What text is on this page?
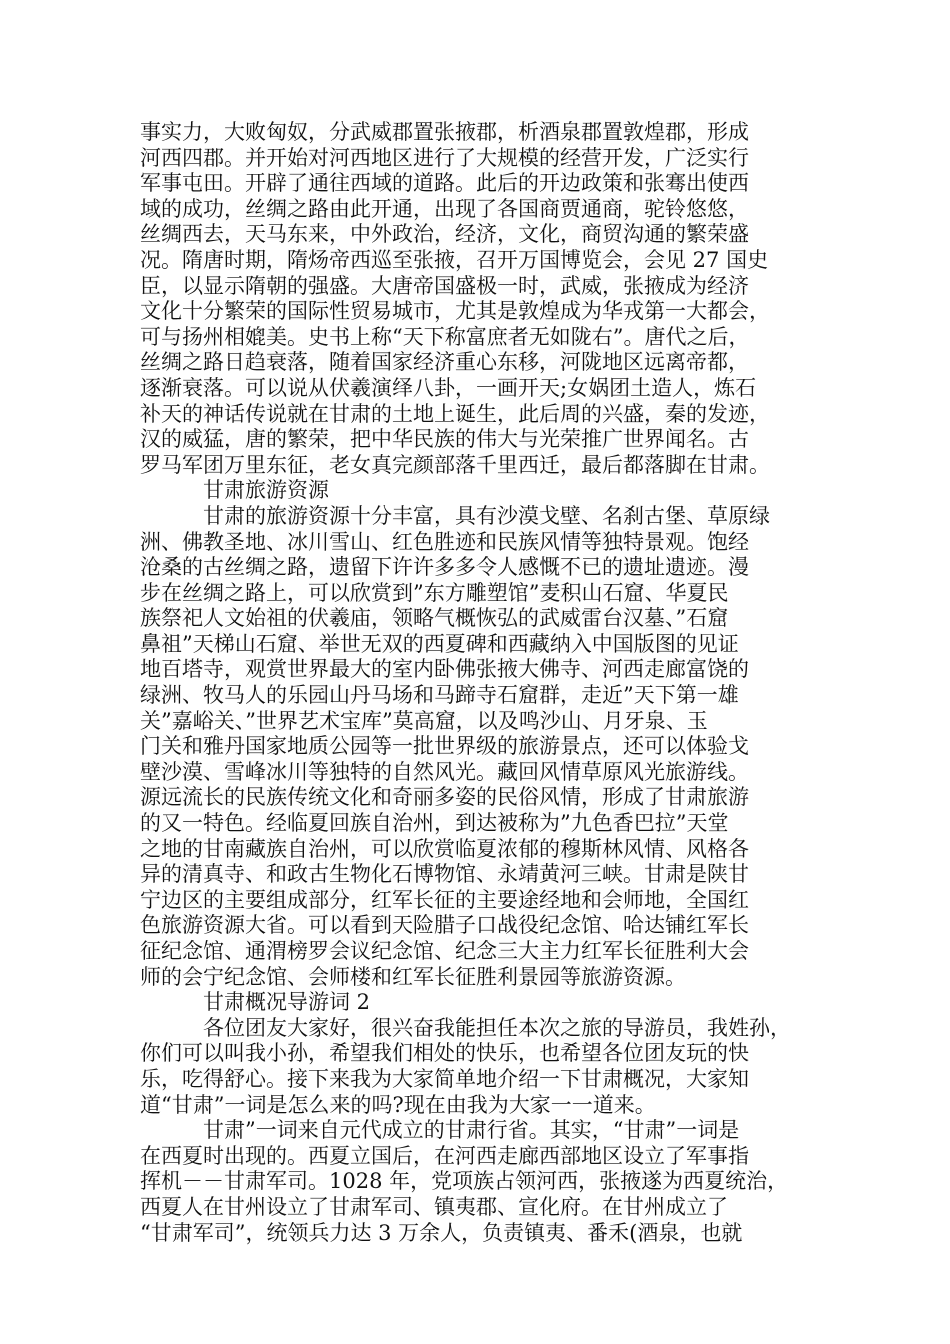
事实力，大败匈奴，分武威郡置张掖郡，析酒泉郡置敦煌郡，形成
河西四郡。并开始对河西地区进行了大规模的经营开发，广泛实行
军事屯田。开辟了通往西域的道路。此后的开边政策和张骞出使西
域的成功，丝绸之路由此开通，出现了各国商贾通商，驼铃悠悠，
丝绸西去，天马东来，中外政治，经济，文化，商贸沟通的繁荣盛
况。隋唐时期，隋炀帝西巡至张掖，召开万国博览会，会见 27 国史
臣，以显示隋朝的强盛。大唐帝国盛极一时，武威，张掖成为经济
文化十分繁荣的国际性贸易城市，尤其是敦煌成为华戎第一大都会，
可与扬州相媲美。史书上称“天下称富庶者无如陇右”。唐代之后，
丝绸之路日趋衰落，随着国家经济重心东移，河陇地区远离帝都，
逐渐衰落。可以说从伏羲演绎八卦，一画开天;女娲团土造人，炼石
补天的神话传说就在甘肃的土地上诞生，此后周的兴盛，秦的发迹，
汉的威猛，唐的繁荣，把中华民族的伟大与光荣推广世界闻名。古
罗马军团万里东征，老女真完颜部落千里西迁，最后都落脚在甘肃。
　　　甘肃旅游资源
　　　甘肃的旅游资源十分丰富，具有沙漠戈壁、名刹古堡、草原绿
洲、佛教圣地、冰川雪山、红色胜迹和民族风情等独特景观。饱经
沧桑的古丝绸之路，遗留下许许多多令人感慨不已的遗址遗迹。漫
步在丝绸之路上，可以欣赏到”东方雕塑馆”麦积山石窟、华夏民
族祭祀人文始祖的伏羲庙，领略气概恢弘的武威雷台汉墓、”石窟
鼻祖”天梯山石窟、举世无双的西夏碑和西藏纳入中国版图的见证
地百塔寺，观赏世界最大的室内卧佛张掖大佛寺、河西走廊富饶的
绿洲、牧马人的乐园山丹马场和马蹄寺石窟群，走近”天下第一雄
关”嘉峪关、”世界艺术宝库”莫高窟，以及鸣沙山、月牙泉、玉
门关和雅丹国家地质公园等一批世界级的旅游景点，还可以体验戈
壁沙漠、雪峰冰川等独特的自然风光。藏回风情草原风光旅游线。
源远流长的民族传统文化和奇丽多姿的民俗风情，形成了甘肃旅游
的又一特色。经临夏回族自治州，到达被称为”九色香巴拉”天堂
之地的甘南藏族自治州，可以欣赏临夏浓郁的穆斯林风情、风格各
异的清真寺、和政古生物化石博物馆、永靖黄河三峡。甘肃是陕甘
宁边区的主要组成部分，红军长征的主要途经地和会师地，全国红
色旅游资源大省。可以看到天险腊子口战役纪念馆、哈达铺红军长
征纪念馆、通渭榜罗会议纪念馆、纪念三大主力红军长征胜利大会
师的会宁纪念馆、会师楼和红军长征胜利景园等旅游资源。
　　　甘肃概况导游词 2
　　　各位团友大家好，很兴奋我能担任本次之旅的导游员，我姓孙，
你们可以叫我小孙，希望我们相处的快乐，也希望各位团友玩的快
乐，吃得舒心。接下来我为大家简单地介绍一下甘肃概况，大家知
道“甘肃”一词是怎么来的吗?现在由我为大家一一道来。
　　　甘肃”一词来自元代成立的甘肃行省。其实，“甘肃”一词是
在西夏时出现的。西夏立国后，在河西走廊西部地区设立了军事指
挥机－－甘肃军司。1028 年，党项族占领河西，张掖遂为西夏统治，
西夏人在甘州设立了甘肃军司、镇夷郡、宣化府。在甘州成立了
“甘肃军司”，统领兵力达 3 万余人，负责镇夷、番禾(酒泉，也就
